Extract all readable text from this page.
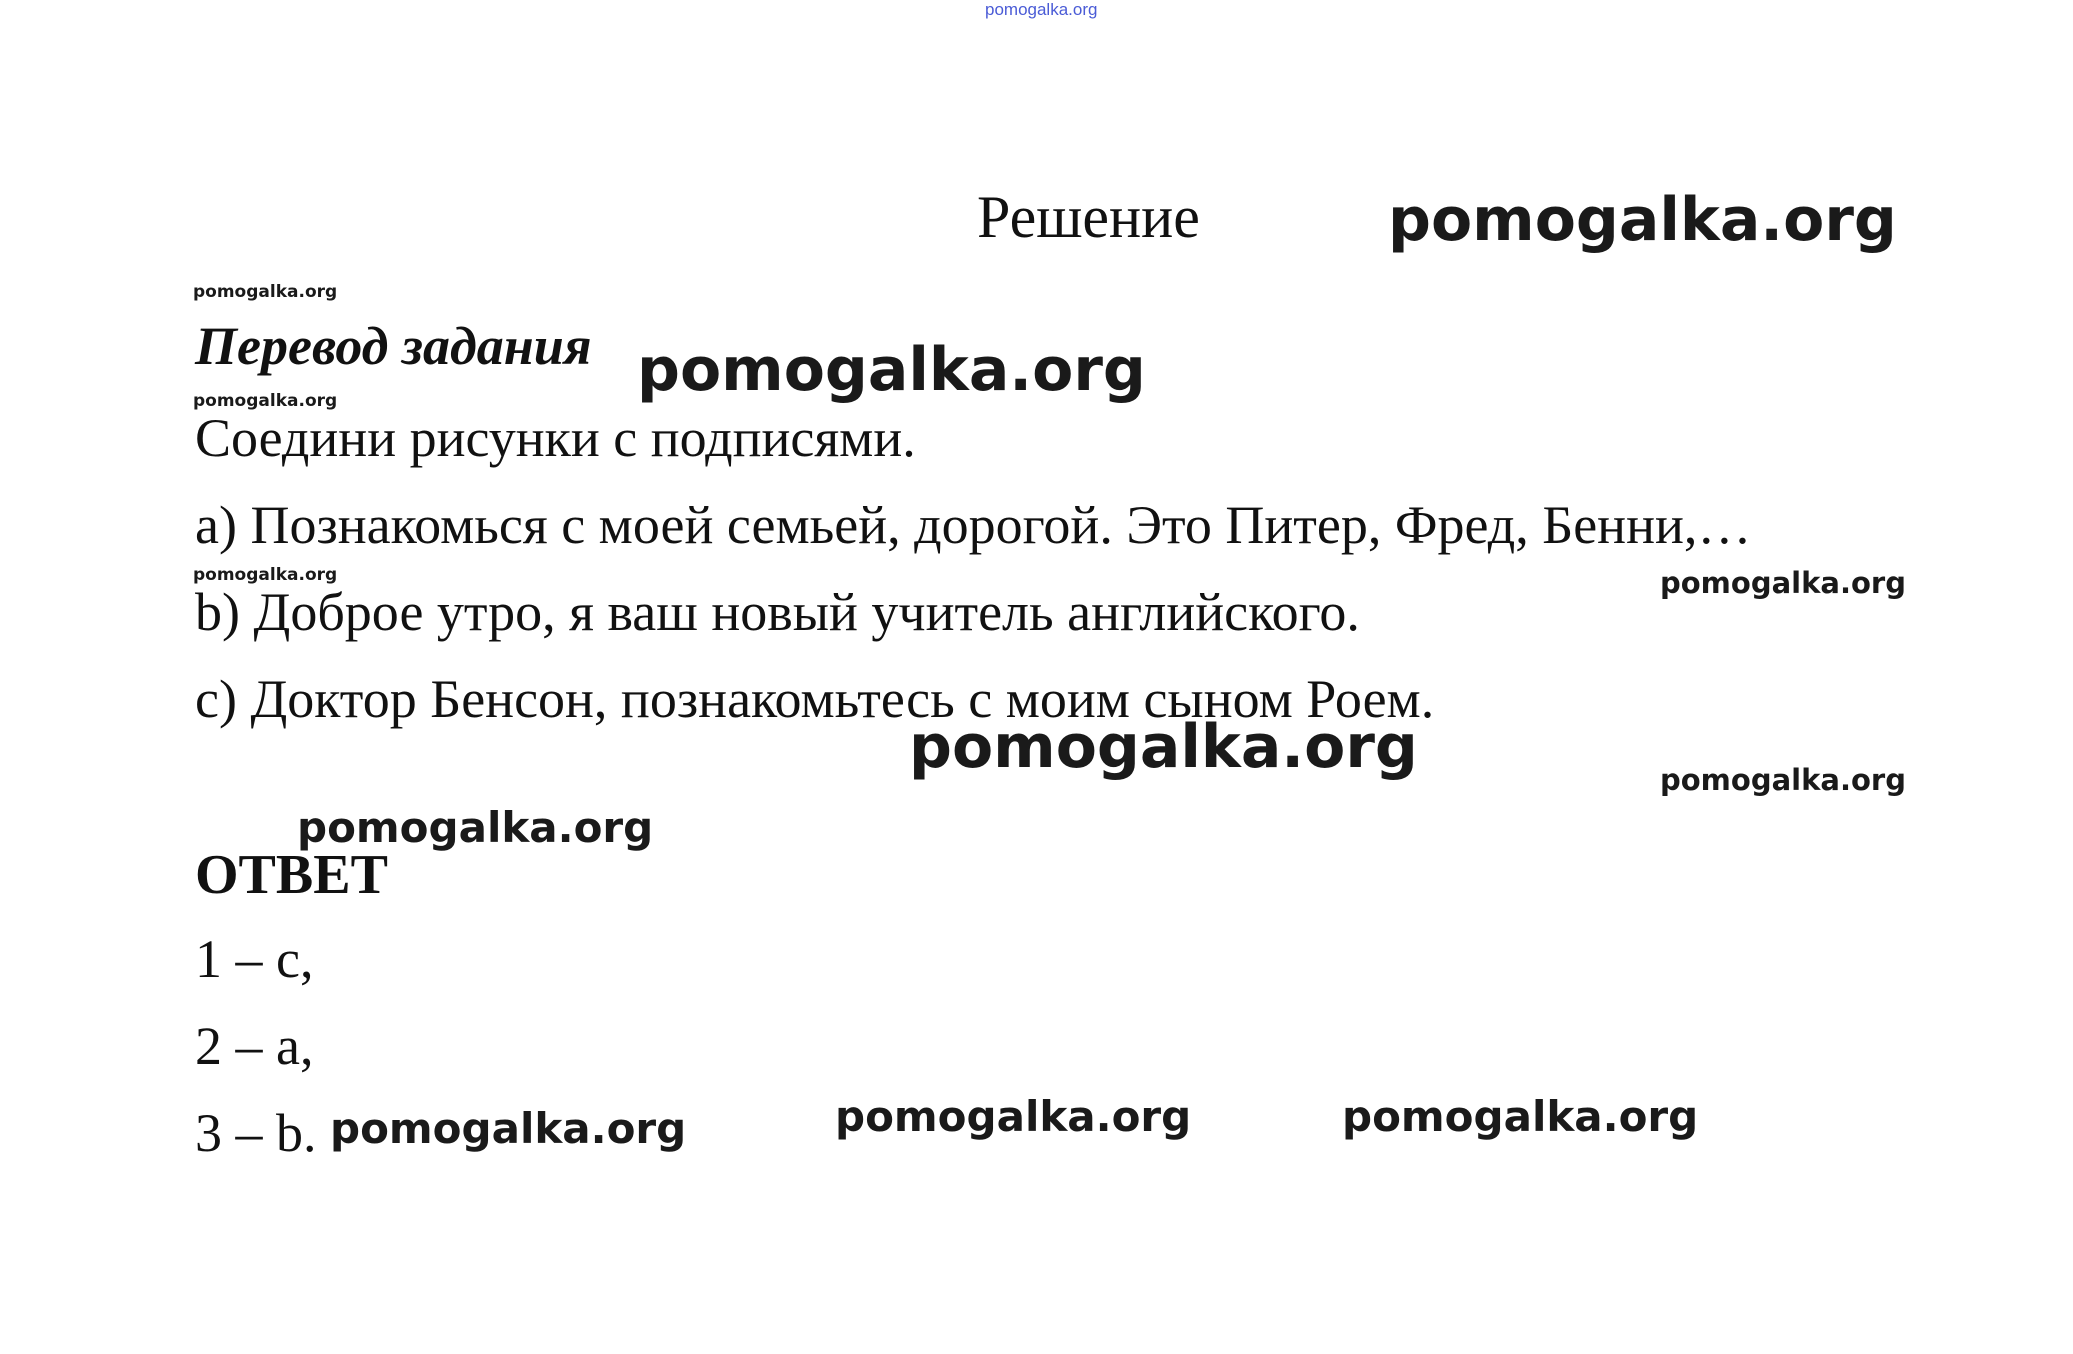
pomogalka.org
Решение	pomogalka.org
pomogalka.org
Перевод задания pomogalka.org
pomogalka.org
Соедини рисунки с подписями.
a) Познакомься с моей семьей, дорогой. Это Питер, Фред, Бенни,…
pomogalka.org	pomogalka.org
b) Доброе утро, я ваш новый учитель английского.
c) Доктор Бенсон, познакомьтесь с моим сыном Роем.
pomogalka.org	pomogalka.org
pomogalka.org
ОТВЕТ
1 – c,
2 – a,
3 – b. pomogalka.org	pomogalka.org	pomogalka.org
